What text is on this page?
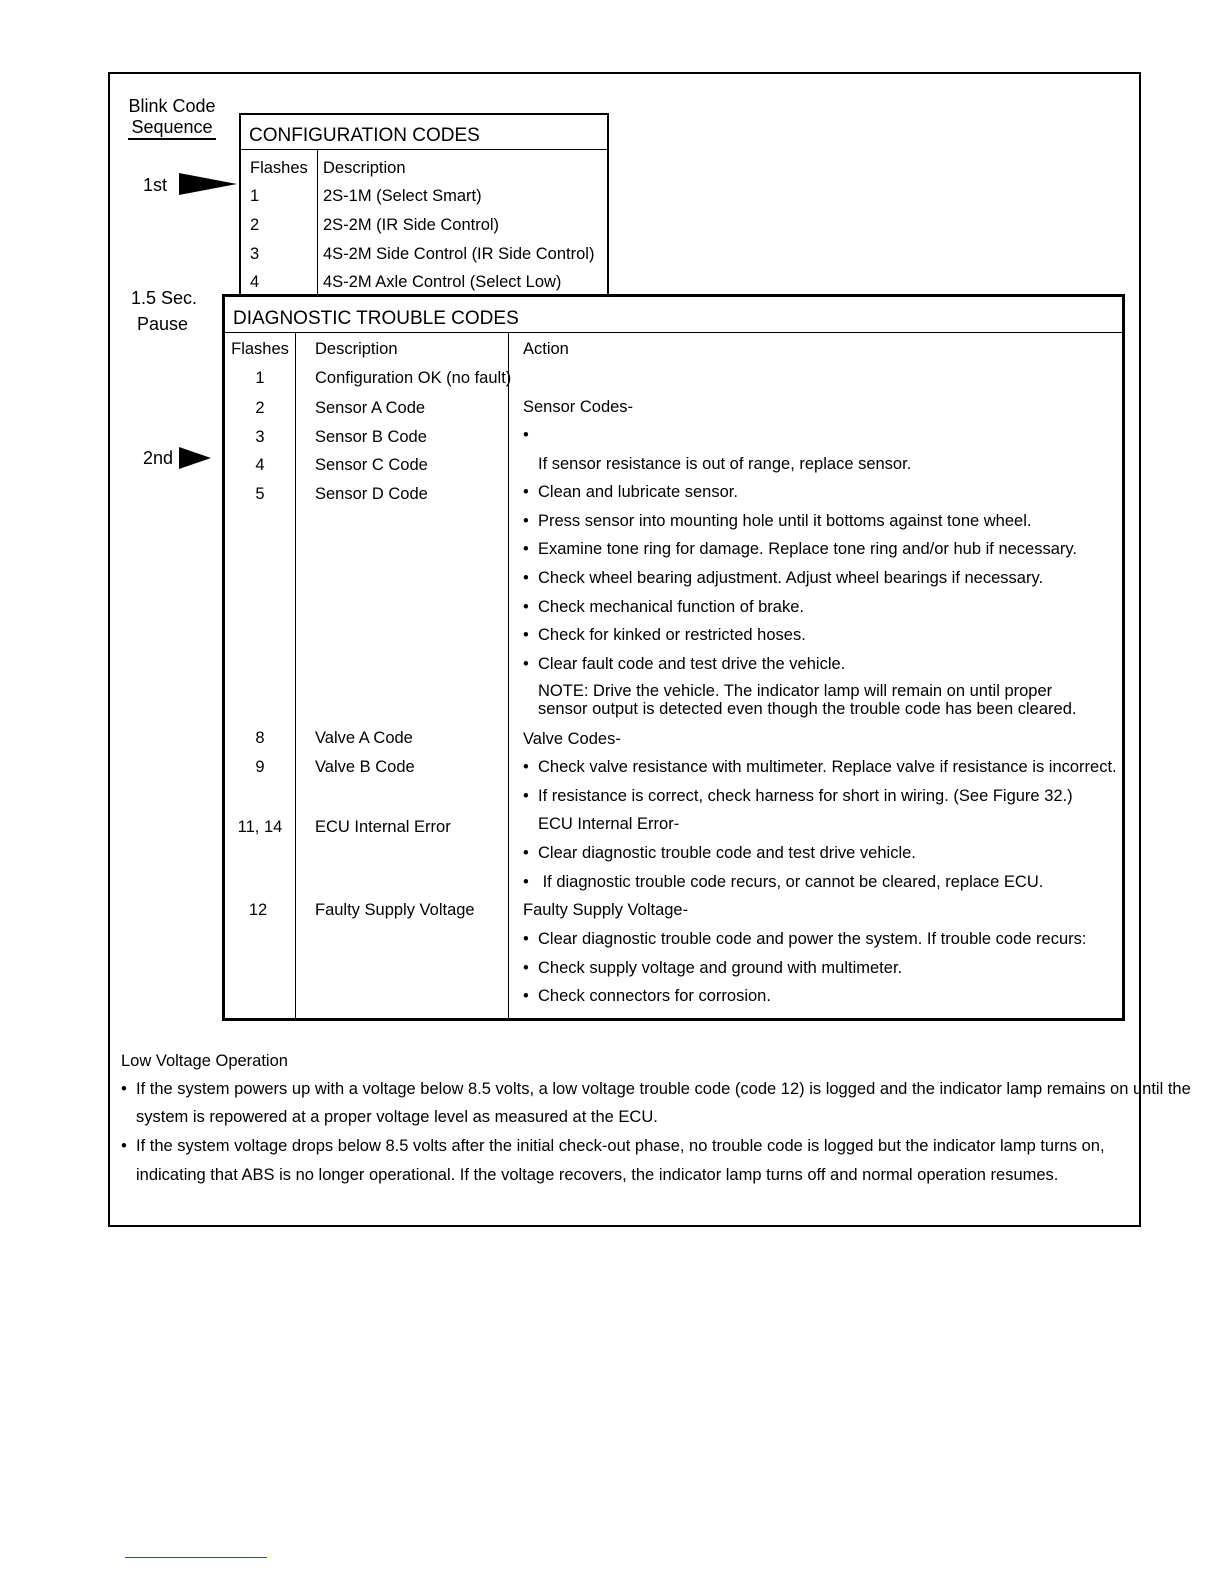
Blink Code
Sequence
1st
1.5 Sec.
Pause
2nd
CONFIGURATION CODES
Flashes Description
1	2S-1M (Select Smart)
2	2S-2M (IR Side Control)
3	4S-2M Side Control (IR Side Control)
4	4S-2M Axle Control (Select Low)
DIAGNOSTIC TROUBLE CODES
Flashes	Description	Action
1	Configuration OK (no fault)
2	Sensor A Code	Sensor Codes-
3	Sensor B Code	•
4	Sensor C Code	If sensor resistance is out of range, replace sensor.
5	Sensor D Code	• Clean and lubricate sensor.
• Press sensor into mounting hole until it bottoms against tone wheel.
• Examine tone ring for damage. Replace tone ring and/or hub if necessary.
• Check wheel bearing adjustment. Adjust wheel bearings if necessary.
• Check mechanical function of brake.
• Check for kinked or restricted hoses.
• Clear fault code and test drive the vehicle.
NOTE: Drive the vehicle. The indicator lamp will remain on until proper
sensor output is detected even though the trouble code has been cleared.
8	Valve A Code	Valve Codes-
9	Valve B Code	• Check valve resistance with multimeter. Replace valve if resistance is incorrect.
• If resistance is correct, check harness for short in wiring. (See Figure 32.)
11, 14	ECU Internal Error	ECU Internal Error-
• Clear diagnostic trouble code and test drive vehicle.
• If diagnostic trouble code recurs, or cannot be cleared, replace ECU.
12	Faulty Supply Voltage	Faulty Supply Voltage-
• Clear diagnostic trouble code and power the system. If trouble code recurs:
• Check supply voltage and ground with multimeter.
• Check connectors for corrosion.
Low Voltage Operation
• If the system powers up with a voltage below 8.5 volts, a low voltage trouble code (code 12) is logged and the indicator lamp remains on until the
system is repowered at a proper voltage level as measured at the ECU.
• If the system voltage drops below 8.5 volts after the initial check-out phase, no trouble code is logged but the indicator lamp turns on,
indicating that ABS is no longer operational. If the voltage recovers, the indicator lamp turns off and normal operation resumes.
